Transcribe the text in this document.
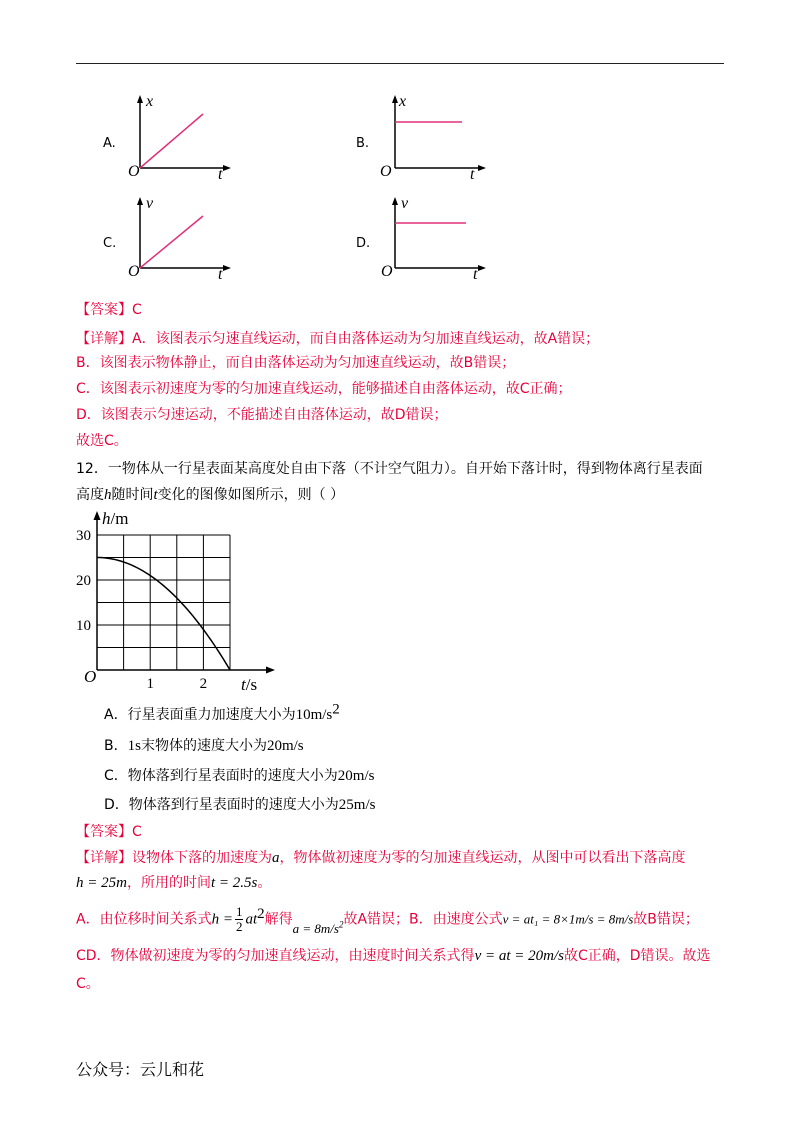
A.
x
O	t
B.
x
O	t
C.
v
O	t
D.
v
O	t
【答案】C
【详解】A．该图表示匀速直线运动，而自由落体运动为匀加速直线运动，故A错误；
B．该图表示物体静止，而自由落体运动为匀加速直线运动，故B错误；
C．该图表示初速度为零的匀加速直线运动，能够描述自由落体运动，故C正确；
D．该图表示匀速运动，不能描述自由落体运动，故D错误；
故选C。
12．一物体从一行星表面某高度处自由下落（不计空气阻力）。自开始下落计时，得到物体离行星表面
高度h随时间t变化的图像如图所示，则（ ）
10
20
30
1	2
h/m
t/s
O
A．行星表面重力加速度大小为$10m/s^2$
B．1s末物体的速度大小为20m/s
C．物体落到行星表面时的速度大小为20m/s
D．物体落到行星表面时的速度大小为25m/s
【答案】C
【详解】设物体下落的加速度为a，物体做初速度为零的匀加速直线运动，从图中可以看出下落高度
h = 25m，所用的时间t = 2.5s。
A．由位移时间关系式$h = \frac{1}{2} at^2$解得$a = 8m/s^2$故A错误；B．由速度公式v = at₁ = 8×1m/s = 8m/s故B错误；
CD．物体做初速度为零的匀加速直线运动，由速度时间关系式得v = at = 20m/s故C正确，D错误。故选
C。
公众号：云儿和花
